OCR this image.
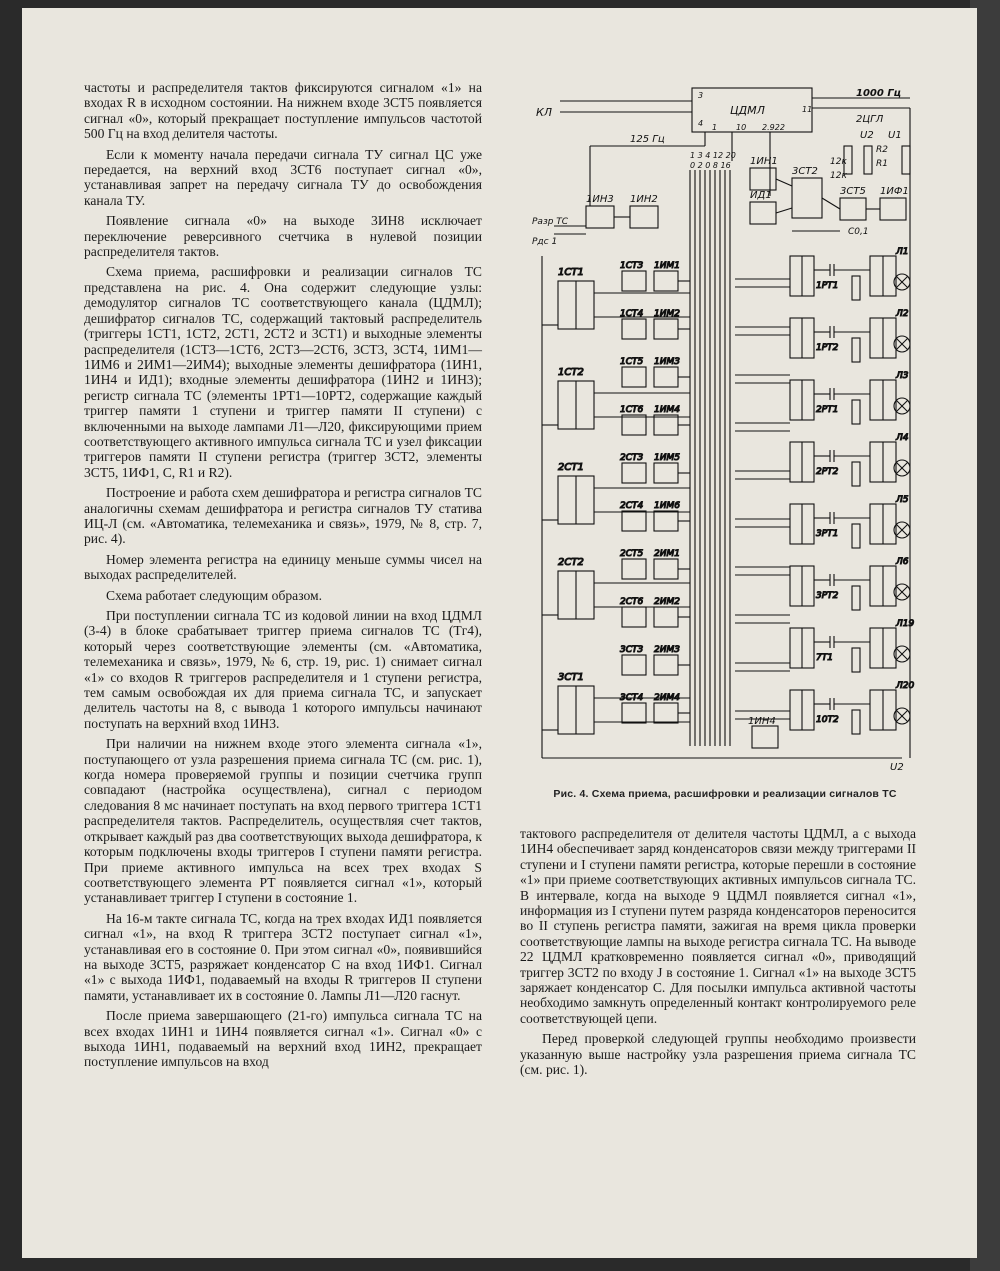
частоты и распределителя тактов фиксируются сигналом «1» на входах R в исходном состоянии. На нижнем входе 3СТ5 появляется сигнал «0», который прекращает поступление импульсов частотой 500 Гц на вход делителя частоты.

Если к моменту начала передачи сигнала ТУ сигнал ЦС уже передается, на верхний вход 3СТ6 поступает сигнал «0», устанавливая запрет на передачу сигнала ТУ до освобождения канала ТУ.

Появление сигнала «0» на выходе 3ИН8 исключает переключение реверсивного счетчика в нулевой позиции распределителя тактов.

Схема приема, расшифровки и реализации сигналов ТС представлена на рис. 4. Она содержит следующие узлы: демодулятор сигналов ТС соответствующего канала (ЦДМЛ); дешифратор сигналов ТС, содержащий тактовый распределитель (триггеры 1СТ1, 1СТ2, 2СТ1, 2СТ2 и 3СТ1) и выходные элементы распределителя (1СТ3—1СТ6, 2СТ3—2СТ6, 3СТ3, 3СТ4, 1ИМ1—1ИМ6 и 2ИМ1—2ИМ4); выходные элементы дешифратора (1ИН1, 1ИН4 и ИД1); входные элементы дешифратора (1ИН2 и 1ИН3); регистр сигнала ТС (элементы 1РТ1—10РТ2, содержащие каждый триггер памяти 1 ступени и триггер памяти II ступени) с включенными на выходе лампами Л1—Л20, фиксирующими прием соответствующего активного импульса сигнала ТС и узел фиксации триггеров памяти II ступени регистра (триггер 3СТ2, элементы 3СТ5, 1ИФ1, С, R1 и R2).

Построение и работа схем дешифратора и регистра сигналов ТС аналогичны схемам дешифратора и регистра сигналов ТУ статива ИЦ-Л (см. «Автоматика, телемеханика и связь», 1979, № 8, стр. 7, рис. 4).

Номер элемента регистра на единицу меньше суммы чисел на выходах распределителей.

Схема работает следующим образом.

При поступлении сигнала ТС из кодовой линии на вход ЦДМЛ (3-4) в блоке срабатывает триггер приема сигналов ТС (Тг4), который через соответствующие элементы (см. «Автоматика, телемеханика и связь», 1979, № 6, стр. 19, рис. 1) снимает сигнал «1» со входов R триггеров распределителя и 1 ступени регистра, тем самым освобождая их для приема сигнала ТС, и запускает делитель частоты на 8, с вывода 1 которого импульсы начинают поступать на верхний вход 1ИН3.

При наличии на нижнем входе этого элемента сигнала «1», поступающего от узла разрешения приема сигнала ТС (см. рис. 1), когда номера проверяемой группы и позиции счетчика групп совпадают (настройка осуществлена), сигнал с периодом следования 8 мс начинает поступать на вход первого триггера 1СТ1 распределителя тактов. Распределитель, осуществляя счет тактов, открывает каждый раз два соответствующих выхода дешифратора, к которым подключены входы триггеров I ступени памяти регистра. При приеме активного импульса на всех трех входах S соответствующего элемента РТ появляется сигнал «1», который устанавливает триггер I ступени в состояние 1.

На 16-м такте сигнала ТС, когда на трех входах ИД1 появляется сигнал «1», на вход R триггера 3СТ2 поступает сигнал «1», устанавливая его в состояние 0. При этом сигнал «0», появившийся на выходе 3СТ5, разряжает конденсатор С на вход 1ИФ1. Сигнал «1» с выхода 1ИФ1, подаваемый на входы R триггеров II ступени памяти, устанавливает их в состояние 0. Лампы Л1—Л20 гаснут.

После приема завершающего (21-го) импульса сигнала ТС на всех входах 1ИН1 и 1ИН4 появляется сигнал «1». Сигнал «0» с выхода 1ИН1, подаваемый на верхний вход 1ИН2, прекращает поступление импульсов на вход

1СТ1
1СТ2
2СТ1
2СТ2
3СТ1
1СТ3 1ИМ1
1СТ4 1ИМ2
1СТ5 1ИМ3
1СТ6 1ИМ4
2СТ3 1ИМ5
2СТ4 1ИМ6
2СТ5 2ИМ1
2СТ6 2ИМ2
3СТ3 2ИМ3
3СТ4 2ИМ4
1РТ1
Л1
1РТ2
Л2
2РТ1
Л3
2РТ2
Л4
3РТ1
Л5
3РТ2
Л6
7Т1
Л19
10Т2
Л20
ЦДМЛ
КЛ
1000 Гц
2ЦГЛ
125 Гц
3
4 1 10 2.922
11
U2 U1
R1
R2
12к
12к
С0,1
Разр ТС
Рдс 1
1 3 4 12 20
0 2 0 8 16
1ИН3 1ИН2
1ИН1
ИД1
3СТ2
3СТ5 1ИФ1
1ИН4
U2
Рис. 4. Схема приема, расшифровки и реализации сигналов ТС

тактового распределителя от делителя частоты ЦДМЛ, а с выхода 1ИН4 обеспечивает заряд конденсаторов связи между триггерами II ступени и I ступени памяти регистра, которые перешли в состояние «1» при приеме соответствующих активных импульсов сигнала ТС. В интервале, когда на выходе 9 ЦДМЛ появляется сигнал «1», информация из I ступени путем разряда конденсаторов переносится во II ступень регистра памяти, зажигая на время цикла проверки соответствующие лампы на выходе регистра сигнала ТС. На выводе 22 ЦДМЛ кратковременно появляется сигнал «0», приводящий триггер 3СТ2 по входу J в состояние 1. Сигнал «1» на выходе 3СТ5 заряжает конденсатор С. Для посылки импульса активной частоты необходимо замкнуть определенный контакт контролируемого реле соответствующей цепи.

Перед проверкой следующей группы необходимо произвести указанную выше настройку узла разрешения приема сигнала ТС (см. рис. 1).
